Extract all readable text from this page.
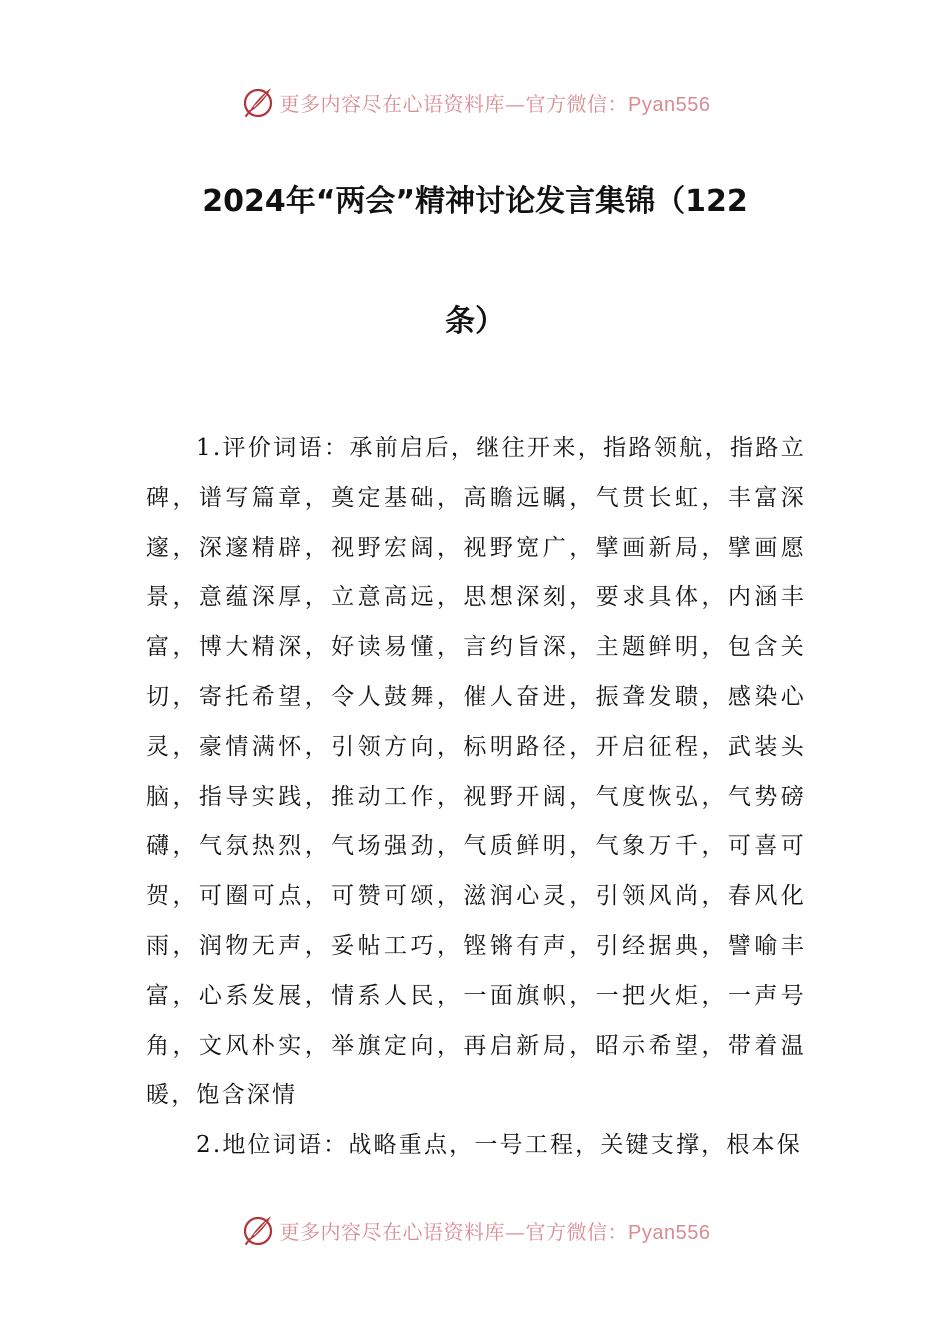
更多内容尽在心语资料库—官方微信：Pyan556
2024年“两会”精神讨论发言集锦（122
条）

1.评价词语：承前启后，继往开来，指路领航，指路立碑，谱写篇章，奠定基础，高瞻远瞩，气贯长虹，丰富深邃，深邃精辟，视野宏阔，视野宽广，擘画新局，擘画愿景，意蕴深厚，立意高远，思想深刻，要求具体，内涵丰富，博大精深，好读易懂，言约旨深，主题鲜明，包含关切，寄托希望，令人鼓舞，催人奋进，振聋发聩，感染心灵，豪情满怀，引领方向，标明路径，开启征程，武装头脑，指导实践，推动工作，视野开阔，气度恢弘，气势磅礴，气氛热烈，气场强劲，气质鲜明，气象万千，可喜可贺，可圈可点，可赞可颂，滋润心灵，引领风尚，春风化雨，润物无声，妥帖工巧，铿锵有声，引经据典，譬喻丰富，心系发展，情系人民，一面旗帜，一把火炬，一声号角，文风朴实，举旗定向，再启新局，昭示希望，带着温暖，饱含深情

2.地位词语：战略重点，一号工程，关键支撑，根本保

更多内容尽在心语资料库—官方微信：Pyan556
